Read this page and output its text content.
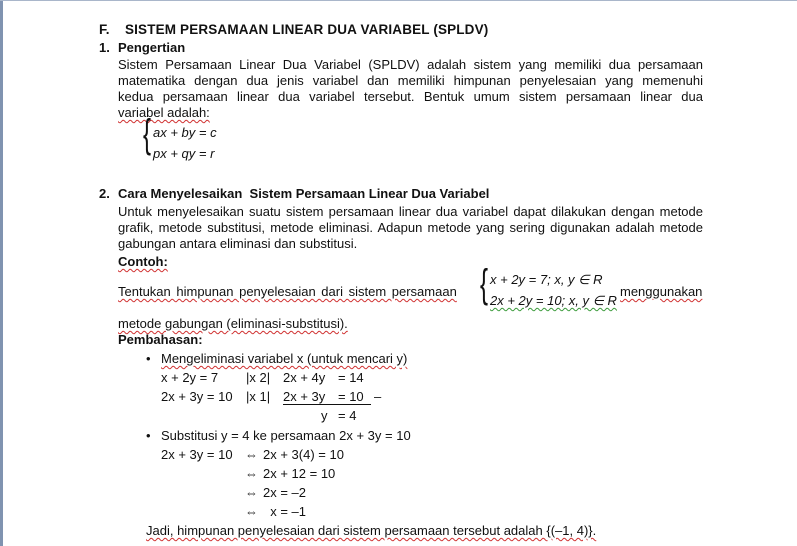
F. SISTEM PERSAMAAN LINEAR DUA VARIABEL (SPLDV)
1. Pengertian
Sistem Persamaan Linear Dua Variabel (SPLDV) adalah sistem yang memiliki dua persamaan
matematika dengan dua jenis variabel dan memiliki himpunan penyelesaian yang memenuhi
kedua persamaan linear dua variabel tersebut. Bentuk umum sistem persamaan linear dua
variabel adalah:
{ ax + by = c
px + qy = r
2. Cara Menyelesaikan  Sistem Persamaan Linear Dua Variabel
Untuk menyelesaikan suatu sistem persamaan linear dua variabel dapat dilakukan dengan metode
grafik, metode substitusi, metode eliminasi. Adapun metode yang sering digunakan adalah metode
gabungan antara eliminasi dan substitusi.
Contoh:
Tentukan himpunan penyelesaian dari sistem persamaan { x + 2y = 7; x, y ∈ R
2x + 2y = 10; x, y ∈ R
menggunakan
metode gabungan (eliminasi-substitusi).
Pembahasan:
• Mengeliminasi variabel x (untuk mencari y)
x + 2y = 7 |x 2| 2x + 4y = 14
2x + 3y = 10 |x 1| 2x + 3y = 10 –
y = 4
• Substitusi y = 4 ke persamaan 2x + 3y = 10
2x + 3y = 10 ⇔ 2x + 3(4) = 10
⇔ 2x + 12 = 10
⇔ 2x = –2
⇔ x = –1
Jadi, himpunan penyelesaian dari sistem persamaan tersebut adalah {(–1, 4)}.
